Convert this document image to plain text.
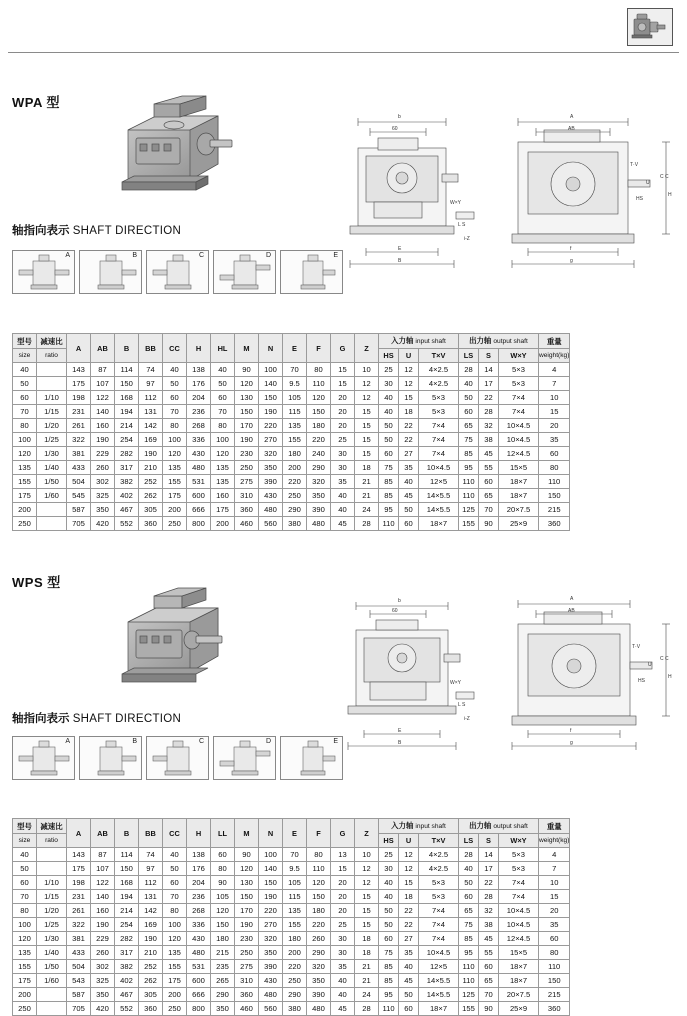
WPA 型
b
60
E
B
L S
W×Y
i-Z
A
AB
T·V
U
HS
C C
H
f
g
轴指向表示 SHAFT DIRECTION
A	B	C	D	E
型号	减速比	A	AB	B	BB	CC	H	HL	M	N	E	F	G	Z	入力轴 input shaft			出力轴 output shaft			重量

size	ratio														HS	U	T×V	LS	S	W×Y	weight(kg)

40		143	87	114	74	40	138	40	90	100	70	80	15	10	25	12	4×2.5	28	14	5×3	4
50		175	107	150	97	50	176	50	120	140	9.5	110	15	12	30	12	4×2.5	40	17	5×3	7
60	1/10	198	122	168	112	60	204	60	130	150	105	120	20	12	40	15	5×3	50	22	7×4	10
70	1/15	231	140	194	131	70	236	70	150	190	115	150	20	15	40	18	5×3	60	28	7×4	15
80	1/20	261	160	214	142	80	268	80	170	220	135	180	20	15	50	22	7×4	65	32	10×4.5	20
100	1/25	322	190	254	169	100	336	100	190	270	155	220	25	15	50	22	7×4	75	38	10×4.5	35
120	1/30	381	229	282	190	120	430	120	230	320	180	240	30	15	60	27	7×4	85	45	12×4.5	60
135	1/40	433	260	317	210	135	480	135	250	350	200	290	30	18	75	35	10×4.5	95	55	15×5	80
155	1/50	504	302	382	252	155	531	135	275	390	220	320	35	21	85	40	12×5	110	60	18×7	110
175	1/60	545	325	402	262	175	600	160	310	430	250	350	40	21	85	45	14×5.5	110	65	18×7	150
200		587	350	467	305	200	666	175	360	480	290	390	40	24	95	50	14×5.5	125	70	20×7.5	215
250		705	420	552	360	250	800	200	460	560	380	480	45	28	110	60	18×7	155	90	25×9	360
WPS 型
b
60
E
B
L S
W×Y
i-Z
A
AB
T·V
U
HS
C C
H
f
g
轴指向表示 SHAFT DIRECTION
A	B	C	D	E
型号	减速比	A	AB	B	BB	CC	H	LL	M	N	E	F	G	Z	入力轴 input shaft			出力轴 output shaft			重量

size	ratio														HS	U	T×V	LS	S	W×Y	weight(kg)

40		143	87	114	74	40	138	60	90	100	70	80	13	10	25	12	4×2.5	28	14	5×3	4
50		175	107	150	97	50	176	80	120	140	9.5	110	15	12	30	12	4×2.5	40	17	5×3	7
60	1/10	198	122	168	112	60	204	90	130	150	105	120	20	12	40	15	5×3	50	22	7×4	10
70	1/15	231	140	194	131	70	236	105	150	190	115	150	20	15	40	18	5×3	60	28	7×4	15
80	1/20	261	160	214	142	80	268	120	170	220	135	180	20	15	50	22	7×4	65	32	10×4.5	20
100	1/25	322	190	254	169	100	336	150	190	270	155	220	25	15	50	22	7×4	75	38	10×4.5	35
120	1/30	381	229	282	190	120	430	180	230	320	180	260	30	18	60	27	7×4	85	45	12×4.5	60
135	1/40	433	260	317	210	135	480	215	250	350	200	290	30	18	75	35	10×4.5	95	55	15×5	80
155	1/50	504	302	382	252	155	531	235	275	390	220	320	35	21	85	40	12×5	110	60	18×7	110
175	1/60	543	325	402	262	175	600	265	310	430	250	350	40	21	85	45	14×5.5	110	65	18×7	150
200		587	350	467	305	200	666	290	360	480	290	390	40	24	95	50	14×5.5	125	70	20×7.5	215
250		705	420	552	360	250	800	350	460	560	380	480	45	28	110	60	18×7	155	90	25×9	360
